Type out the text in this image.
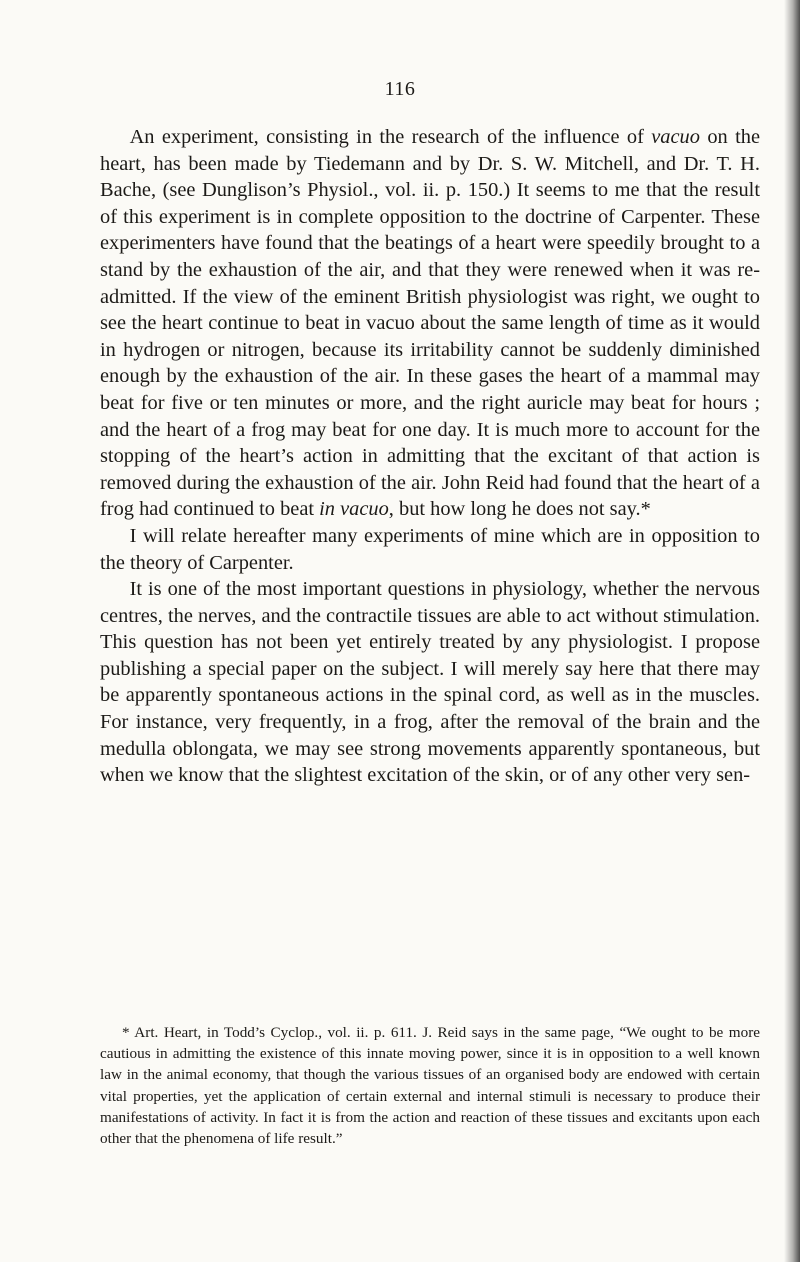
116

An experiment, consisting in the research of the influence of vacuo on the heart, has been made by Tiedemann and by Dr. S. W. Mitchell, and Dr. T. H. Bache, (see Dunglison’s Physiol., vol. ii. p. 150.) It seems to me that the result of this experiment is in complete opposition to the doctrine of Carpenter. These experimenters have found that the beatings of a heart were speedily brought to a stand by the exhaustion of the air, and that they were renewed when it was re-admitted. If the view of the eminent British physiologist was right, we ought to see the heart continue to beat in vacuo about the same length of time as it would in hydrogen or nitrogen, because its irritability cannot be suddenly diminished enough by the exhaustion of the air. In these gases the heart of a mammal may beat for five or ten minutes or more, and the right auricle may beat for hours ; and the heart of a frog may beat for one day. It is much more to account for the stopping of the heart’s action in admitting that the excitant of that action is removed during the exhaustion of the air. John Reid had found that the heart of a frog had continued to beat in vacuo, but how long he does not say.*

I will relate hereafter many experiments of mine which are in opposition to the theory of Carpenter.

It is one of the most important questions in physiology, whether the nervous centres, the nerves, and the contractile tissues are able to act without stimulation. This question has not been yet entirely treated by any physiologist. I propose publishing a special paper on the subject. I will merely say here that there may be apparently spontaneous actions in the spinal cord, as well as in the muscles. For instance, very frequently, in a frog, after the removal of the brain and the medulla oblongata, we may see strong movements apparently spontaneous, but when we know that the slightest excitation of the skin, or of any other very sen-

* Art. Heart, in Todd’s Cyclop., vol. ii. p. 611. J. Reid says in the same page, “We ought to be more cautious in admitting the existence of this innate moving power, since it is in opposition to a well known law in the animal economy, that though the various tissues of an organised body are endowed with certain vital properties, yet the application of certain external and internal stimuli is necessary to produce their manifestations of activity. In fact it is from the action and reaction of these tissues and excitants upon each other that the phenomena of life result.”
